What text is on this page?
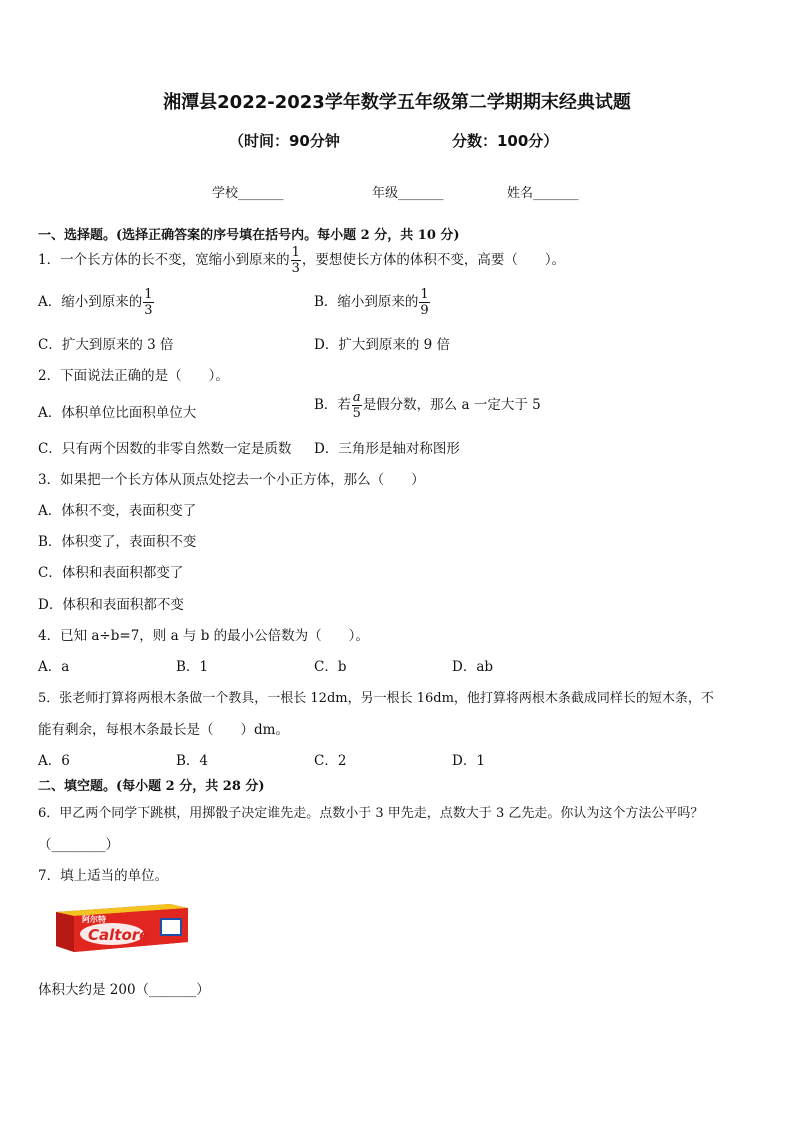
湘潭县2022-2023学年数学五年级第二学期期末经典试题
（时间：90分钟	分数：100分）
学校_______	年级_______	姓名_______
一、选择题。(选择正确答案的序号填在括号内。每小题 2 分，共 10 分)
1．一个长方体的长不变，宽缩小到原来的 $\frac{1}{3}$ ，要想使长方体的体积不变，高要（　　）。
A．缩小到原来的 $\frac{1}{3}$	B．缩小到原来的 $\frac{1}{9}$
C．扩大到原来的 3 倍	D．扩大到原来的 9 倍
2．下面说法正确的是（　　）。
A．体积单位比面积单位大	B．若 $\frac{a}{5}$ 是假分数，那么 a 一定大于 5
C．只有两个因数的非零自然数一定是质数 D．三角形是轴对称图形
3．如果把一个长方体从顶点处挖去一个小正方体，那么（　　）
A．体积不变，表面积变了
B．体积变了，表面积不变
C．体积和表面积都变了
D．体积和表面积都不变
4．已知 a÷b=7，则 a 与 b 的最小公倍数为（　　）。
A．a	B．1	C．b	D．ab
5．张老师打算将两根木条做一个教具，一根长 12dm，另一根长 16dm，他打算将两根木条截成同样长的短木条，不
能有剩余，每根木条最长是（　　）dm。
A．6	B．4	C．2	D．1
二、填空题。(每小题 2 分，共 28 分)
6．甲乙两个同学下跳棋，用掷骰子决定谁先走。点数小于 3 甲先走，点数大于 3 乙先走。你认为这个方法公平吗？
（________）
7．填上适当的单位。
阿尔特
Caltore
体积大约是 200（_______）
